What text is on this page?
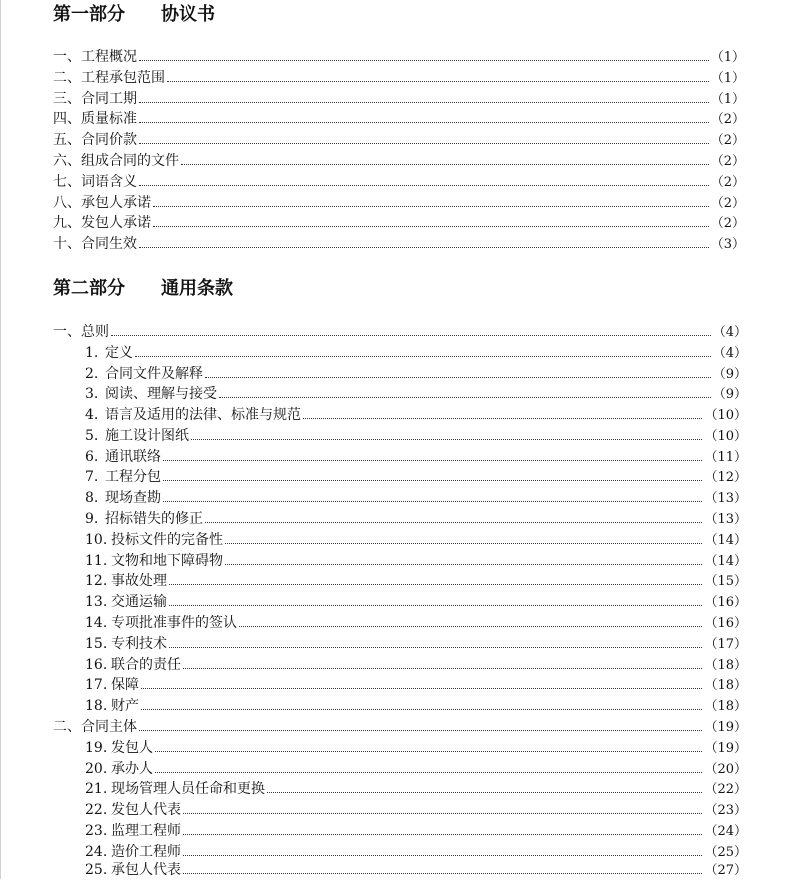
第一部分　　协议书
一、工程概况	（1）
二、工程承包范围	（1）
三、合同工期	（1）
四、质量标准	（2）
五、合同价款	（2）
六、组成合同的文件	（2）
七、词语含义	（2）
八、承包人承诺	（2）
九、发包人承诺	（2）
十、合同生效	（3）
第二部分　　通用条款
一、总则	（4）
1. 定义	（4）
2. 合同文件及解释	（9）
3. 阅读、理解与接受	（9）
4. 语言及适用的法律、标准与规范	（10）
5. 施工设计图纸	（10）
6. 通讯联络	（11）
7. 工程分包	（12）
8. 现场查勘	（13）
9. 招标错失的修正	（13）
10. 投标文件的完备性	（14）
11. 文物和地下障碍物	（14）
12. 事故处理	（15）
13. 交通运输	（16）
14. 专项批准事件的签认	（16）
15. 专利技术	（17）
16. 联合的责任	（18）
17. 保障	（18）
18. 财产	（18）
二、合同主体	（19）
19. 发包人	（19）
20. 承办人	（20）
21. 现场管理人员任命和更换	（22）
22. 发包人代表	（23）
23. 监理工程师	（24）
24. 造价工程师	（25）
25. 承包人代表	（27）
